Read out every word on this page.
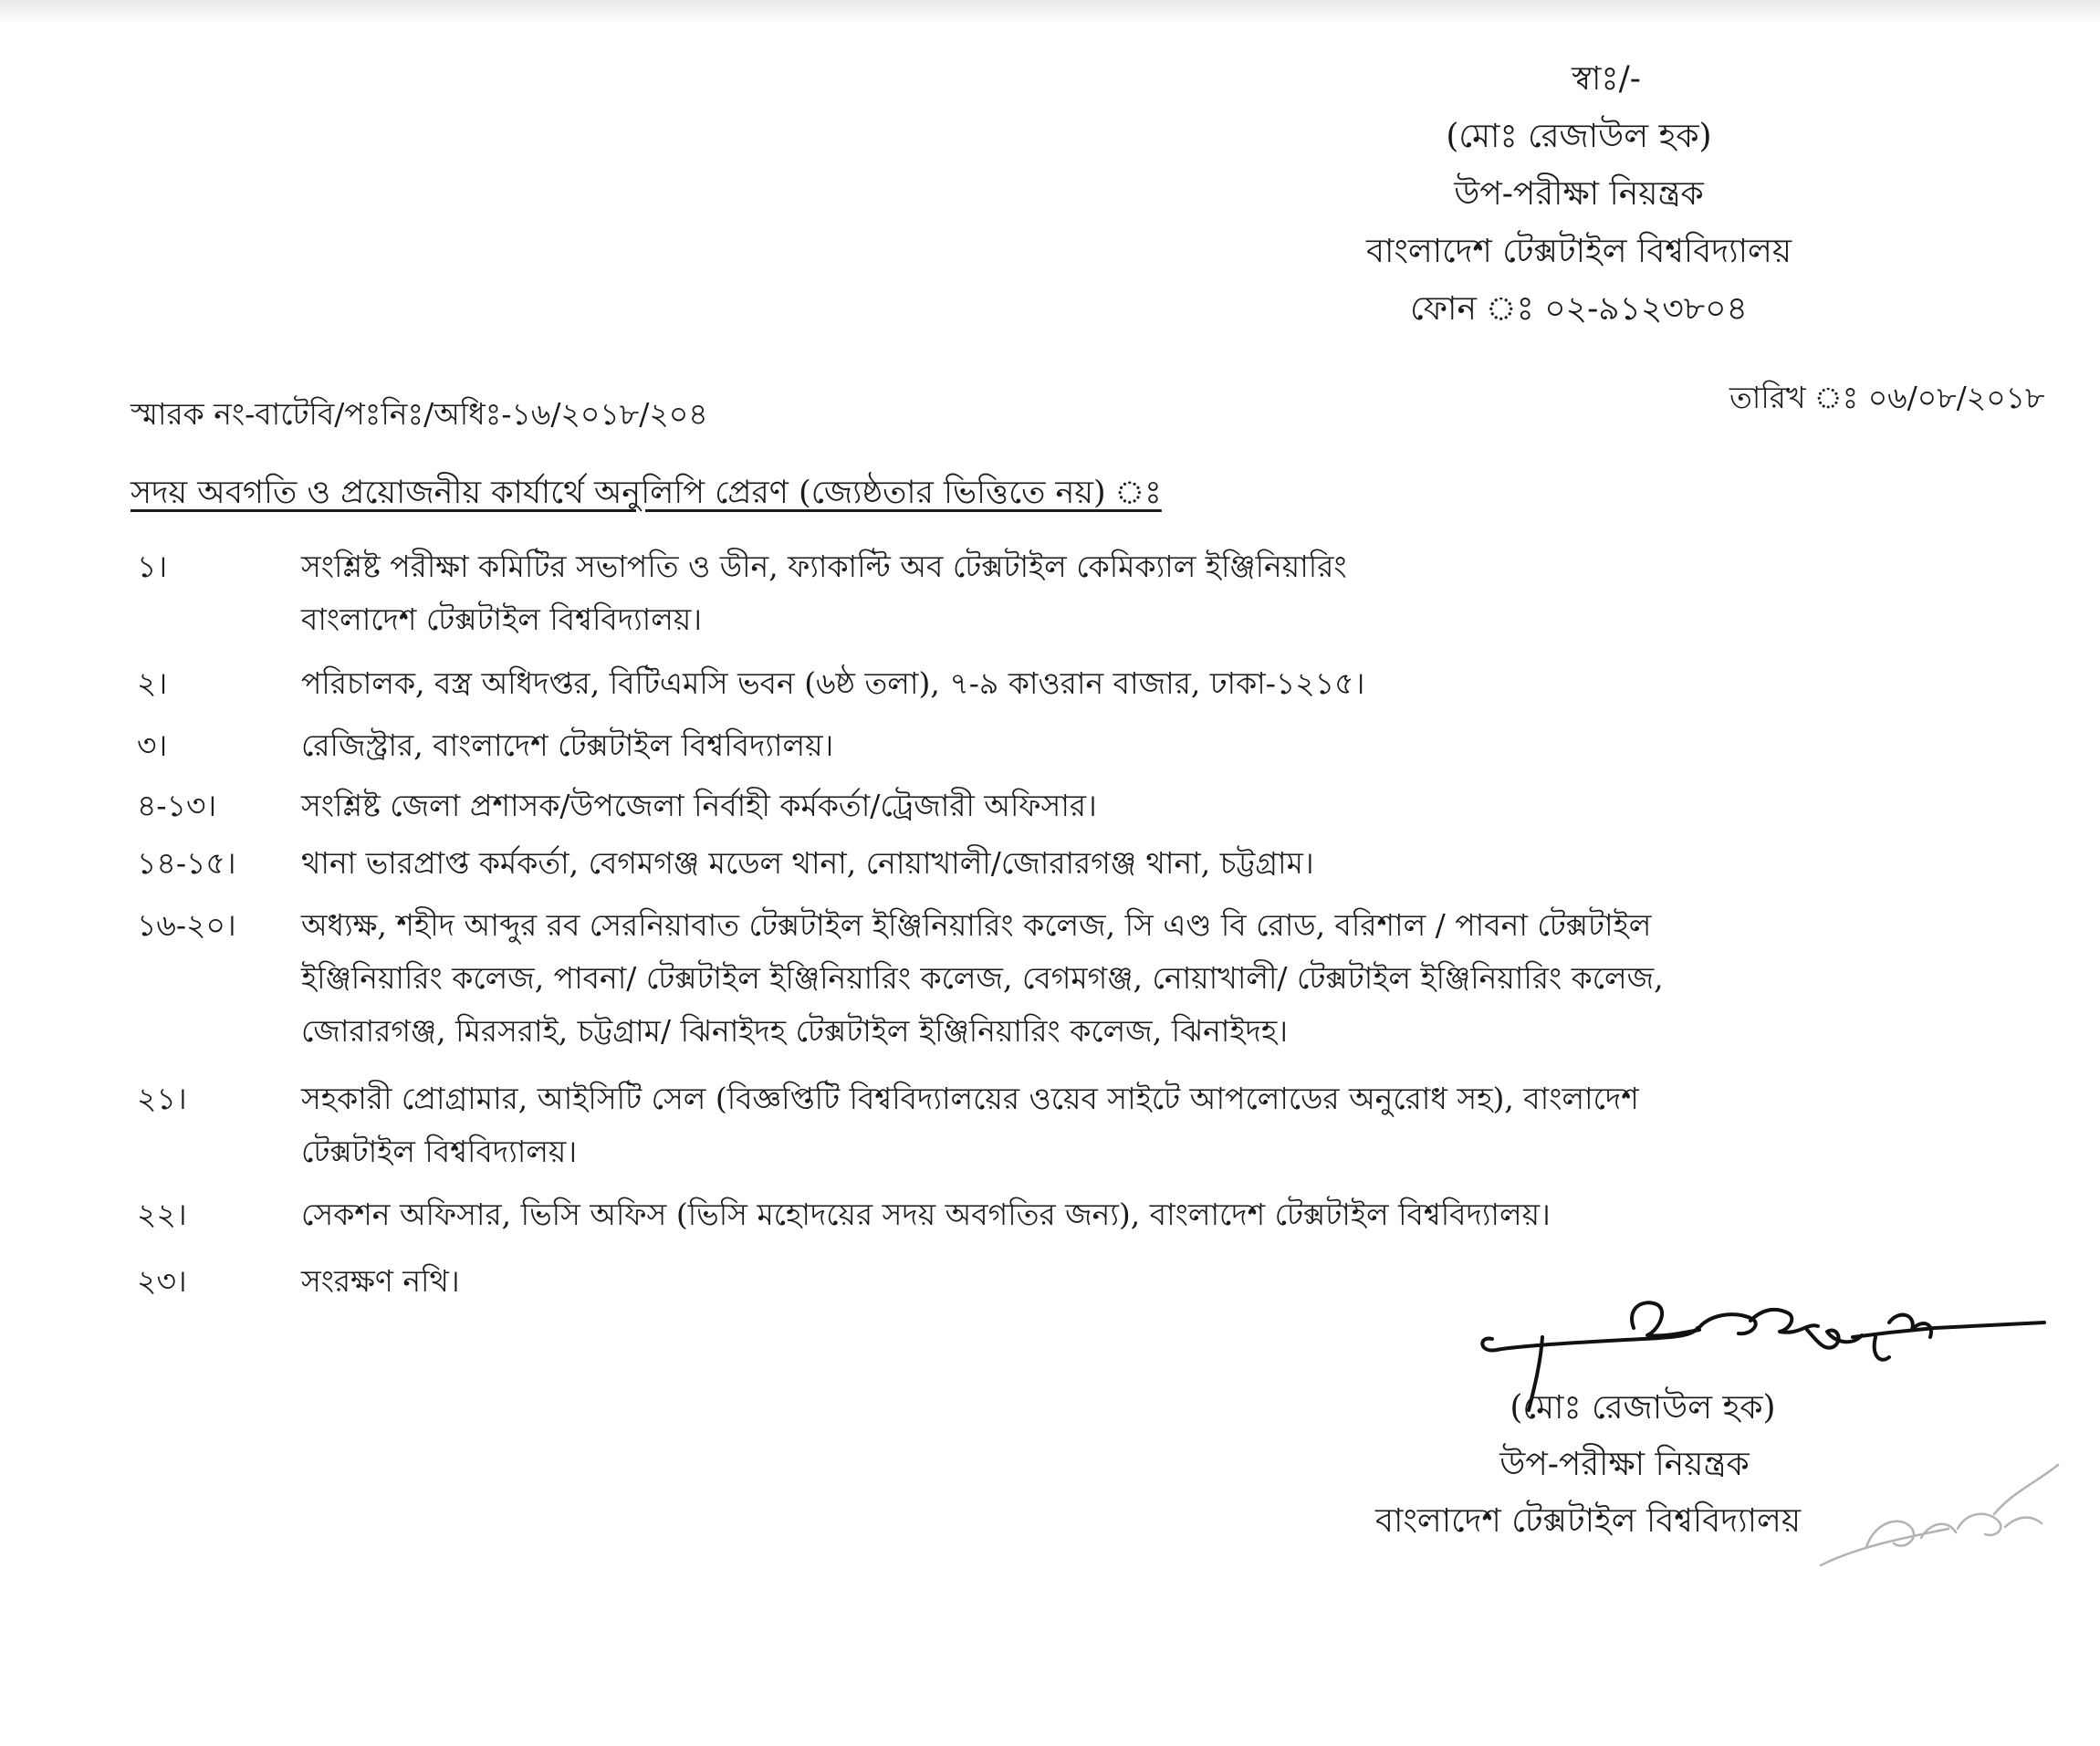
স্বাঃ/-
(মোঃ রেজাউল হক)
উপ-পরীক্ষা নিয়ন্ত্রক
বাংলাদেশ টেক্সটাইল বিশ্ববিদ্যালয়
ফোন ঃ ০২-৯১২৩৮০৪
স্মারক নং-বাটেবি/পঃনিঃ/অধিঃ-১৬/২০১৮/২০৪	তারিখ ঃ ০৬/০৮/২০১৮
সদয় অবগতি ও প্রয়োজনীয় কার্যার্থে অনুলিপি প্রেরণ (জ্যেষ্ঠতার ভিত্তিতে নয়) ঃ
১।	সংশ্লিষ্ট পরীক্ষা কমিটির সভাপতি ও ডীন, ফ্যাকাল্টি অব টেক্সটাইল কেমিক্যাল ইঞ্জিনিয়ারিং
বাংলাদেশ টেক্সটাইল বিশ্ববিদ্যালয়।
২।	পরিচালক, বস্ত্র অধিদপ্তর, বিটিএমসি ভবন (৬ষ্ঠ তলা), ৭-৯ কাওরান বাজার, ঢাকা-১২১৫।
৩।	রেজিস্ট্রার, বাংলাদেশ টেক্সটাইল বিশ্ববিদ্যালয়।
৪-১৩।	সংশ্লিষ্ট জেলা প্রশাসক/উপজেলা নির্বাহী কর্মকর্তা/ট্রেজারী অফিসার।
১৪-১৫।	থানা ভারপ্রাপ্ত কর্মকর্তা, বেগমগঞ্জ মডেল থানা, নোয়াখালী/জোরারগঞ্জ থানা, চট্টগ্রাম।
১৬-২০।	অধ্যক্ষ, শহীদ আব্দুর রব সেরনিয়াবাত টেক্সটাইল ইঞ্জিনিয়ারিং কলেজ, সি এণ্ড বি রোড, বরিশাল / পাবনা টেক্সটাইল
ইঞ্জিনিয়ারিং কলেজ, পাবনা/ টেক্সটাইল ইঞ্জিনিয়ারিং কলেজ, বেগমগঞ্জ, নোয়াখালী/ টেক্সটাইল ইঞ্জিনিয়ারিং কলেজ,
জোরারগঞ্জ, মিরসরাই, চট্টগ্রাম/ ঝিনাইদহ টেক্সটাইল ইঞ্জিনিয়ারিং কলেজ, ঝিনাইদহ।
২১।	সহকারী প্রোগ্রামার, আইসিটি সেল (বিজ্ঞপ্তিটি বিশ্ববিদ্যালয়ের ওয়েব সাইটে আপলোডের অনুরোধ সহ), বাংলাদেশ
টেক্সটাইল বিশ্ববিদ্যালয়।
২২।	সেকশন অফিসার, ভিসি অফিস (ভিসি মহোদয়ের সদয় অবগতির জন্য), বাংলাদেশ টেক্সটাইল বিশ্ববিদ্যালয়।
২৩।	সংরক্ষণ নথি।
(মোঃ রেজাউল হক)
উপ-পরীক্ষা নিয়ন্ত্রক
বাংলাদেশ টেক্সটাইল বিশ্ববিদ্যালয়
